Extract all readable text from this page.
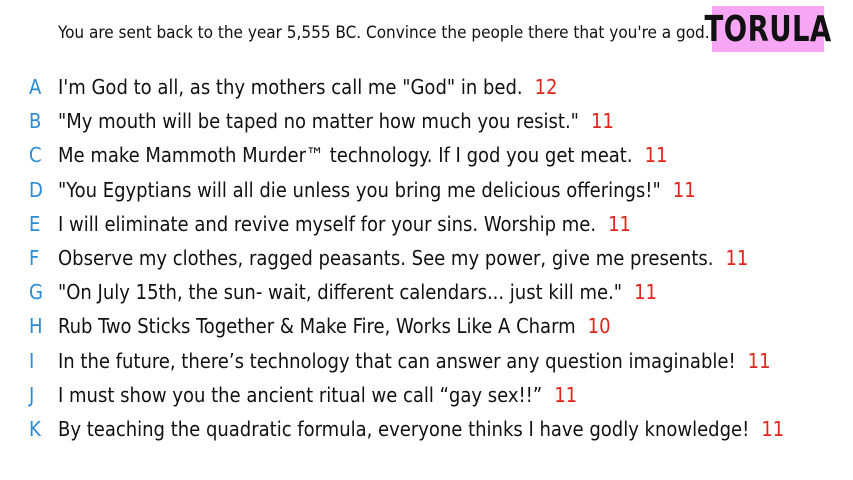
You are sent back to the year 5,555 BC. Convince the people there that you're a god.
TORULA
A I'm God to all, as thy mothers call me "God" in bed. 12
B "My mouth will be taped no matter how much you resist." 11
C Me make Mammoth Murder™ technology. If I god you get meat. 11
D "You Egyptians will all die unless you bring me delicious offerings!" 11
E I will eliminate and revive myself for your sins. Worship me. 11
F Observe my clothes, ragged peasants. See my power, give me presents. 11
G "On July 15th, the sun- wait, different calendars... just kill me." 11
H Rub Two Sticks Together & Make Fire, Works Like A Charm 10
I	In the future, there’s technology that can answer any question imaginable! 11
J	I must show you the ancient ritual we call “gay sex!!” 11
K By teaching the quadratic formula, everyone thinks I have godly knowledge! 11
